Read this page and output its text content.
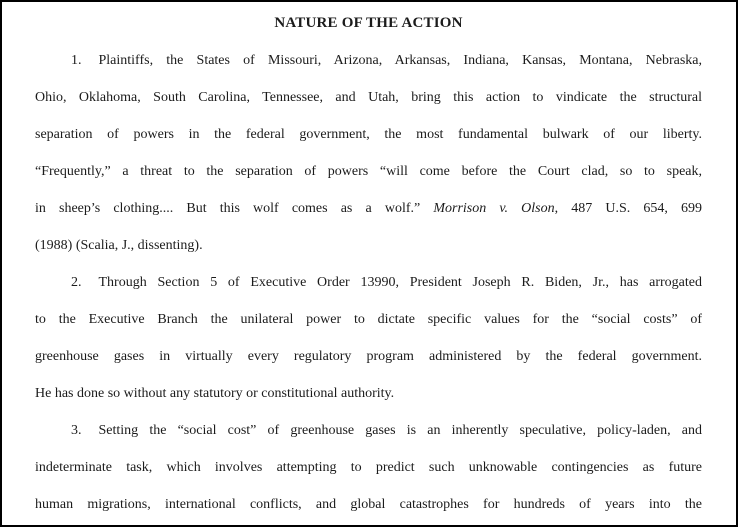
NATURE OF THE ACTION
1. Plaintiffs, the States of Missouri, Arizona, Arkansas, Indiana, Kansas, Montana, Nebraska,
Ohio, Oklahoma, South Carolina, Tennessee, and Utah, bring this action to vindicate the structural
separation of powers in the federal government, the most fundamental bulwark of our liberty.
“Frequently,” a threat to the separation of powers “will come before the Court clad, so to speak,
in sheep’s clothing.... But this wolf comes as a wolf.” Morrison v. Olson, 487 U.S. 654, 699
(1988) (Scalia, J., dissenting).
2. Through Section 5 of Executive Order 13990, President Joseph R. Biden, Jr., has arrogated
to the Executive Branch the unilateral power to dictate specific values for the “social costs” of
greenhouse gases in virtually every regulatory program administered by the federal government.
He has done so without any statutory or constitutional authority.
3. Setting the “social cost” of greenhouse gases is an inherently speculative, policy-laden, and
indeterminate task, which involves attempting to predict such unknowable contingencies as future
human migrations, international conflicts, and global catastrophes for hundreds of years into the
